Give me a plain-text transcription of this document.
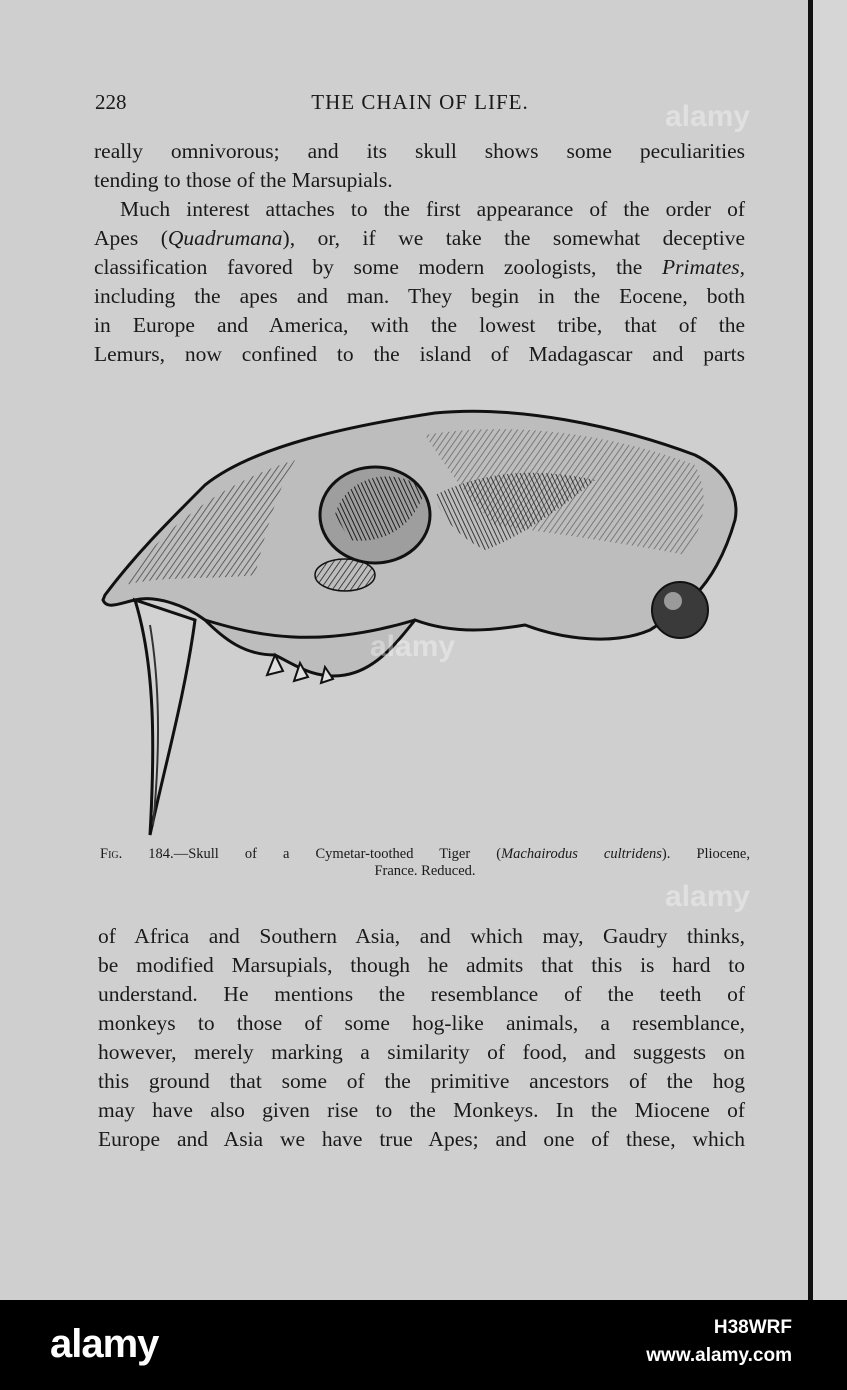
228	THE CHAIN OF LIFE.

really omnivorous; and its skull shows some peculiarities
tending to those of the Marsupials.

Much interest attaches to the first appearance of the order of
Apes (Quadrumana), or, if we take the somewhat deceptive
classification favored by some modern zoologists, the Primates,
including the apes and man. They begin in the Eocene, both
in Europe and America, with the lowest tribe, that of the
Lemurs, now confined to the island of Madagascar and parts

Fig. 184.—Skull of a Cymetar-toothed Tiger (Machairodus cultridens). Pliocene,
France. Reduced.

of Africa and Southern Asia, and which may, Gaudry thinks,
be modified Marsupials, though he admits that this is hard to
understand. He mentions the resemblance of the teeth of
monkeys to those of some hog-like animals, a resemblance,
however, merely marking a similarity of food, and suggests on
this ground that some of the primitive ancestors of the hog
may have also given rise to the Monkeys. In the Miocene of
Europe and Asia we have true Apes; and one of these, which

alamy
alamy
alamy
alamy	H38WRF
www.alamy.com
